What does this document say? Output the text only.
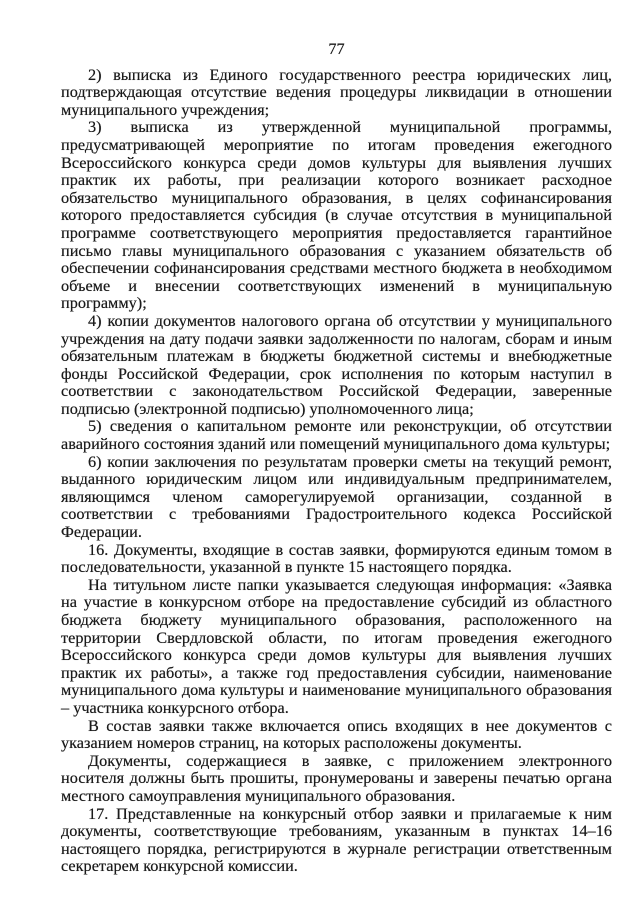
77

2) выписка из Единого государственного реестра юридических лиц, подтверждающая отсутствие ведения процедуры ликвидации в отношении муниципального учреждения;

3) выписка из утвержденной муниципальной программы, предусматривающей мероприятие по итогам проведения ежегодного Всероссийского конкурса среди домов культуры для выявления лучших практик их работы, при реализации которого возникает расходное обязательство муниципального образования, в целях софинансирования которого предоставляется субсидия (в случае отсутствия в муниципальной программе соответствующего мероприятия предоставляется гарантийное письмо главы муниципального образования с указанием обязательств об обеспечении софинансирования средствами местного бюджета в необходимом объеме и внесении соответствующих изменений в муниципальную программу);

4) копии документов налогового органа об отсутствии у муниципального учреждения на дату подачи заявки задолженности по налогам, сборам и иным обязательным платежам в бюджеты бюджетной системы и внебюджетные фонды Российской Федерации, срок исполнения по которым наступил в соответствии с законодательством Российской Федерации, заверенные подписью (электронной подписью) уполномоченного лица;

5) сведения о капитальном ремонте или реконструкции, об отсутствии аварийного состояния зданий или помещений муниципального дома культуры;

6) копии заключения по результатам проверки сметы на текущий ремонт, выданного юридическим лицом или индивидуальным предпринимателем, являющимся членом саморегулируемой организации, созданной в соответствии с требованиями Градостроительного кодекса Российской Федерации.

16. Документы, входящие в состав заявки, формируются единым томом в последовательности, указанной в пункте 15 настоящего порядка.

На титульном листе папки указывается следующая информация: «Заявка на участие в конкурсном отборе на предоставление субсидий из областного бюджета бюджету муниципального образования, расположенного на территории Свердловской области, по итогам проведения ежегодного Всероссийского конкурса среди домов культуры для выявления лучших практик их работы», а также год предоставления субсидии, наименование муниципального дома культуры и наименование муниципального образования – участника конкурсного отбора.

В состав заявки также включается опись входящих в нее документов с указанием номеров страниц, на которых расположены документы.

Документы, содержащиеся в заявке, с приложением электронного носителя должны быть прошиты, пронумерованы и заверены печатью органа местного самоуправления муниципального образования.

17. Представленные на конкурсный отбор заявки и прилагаемые к ним документы, соответствующие требованиям, указанным в пунктах 14–16 настоящего порядка, регистрируются в журнале регистрации ответственным секретарем конкурсной комиссии.
